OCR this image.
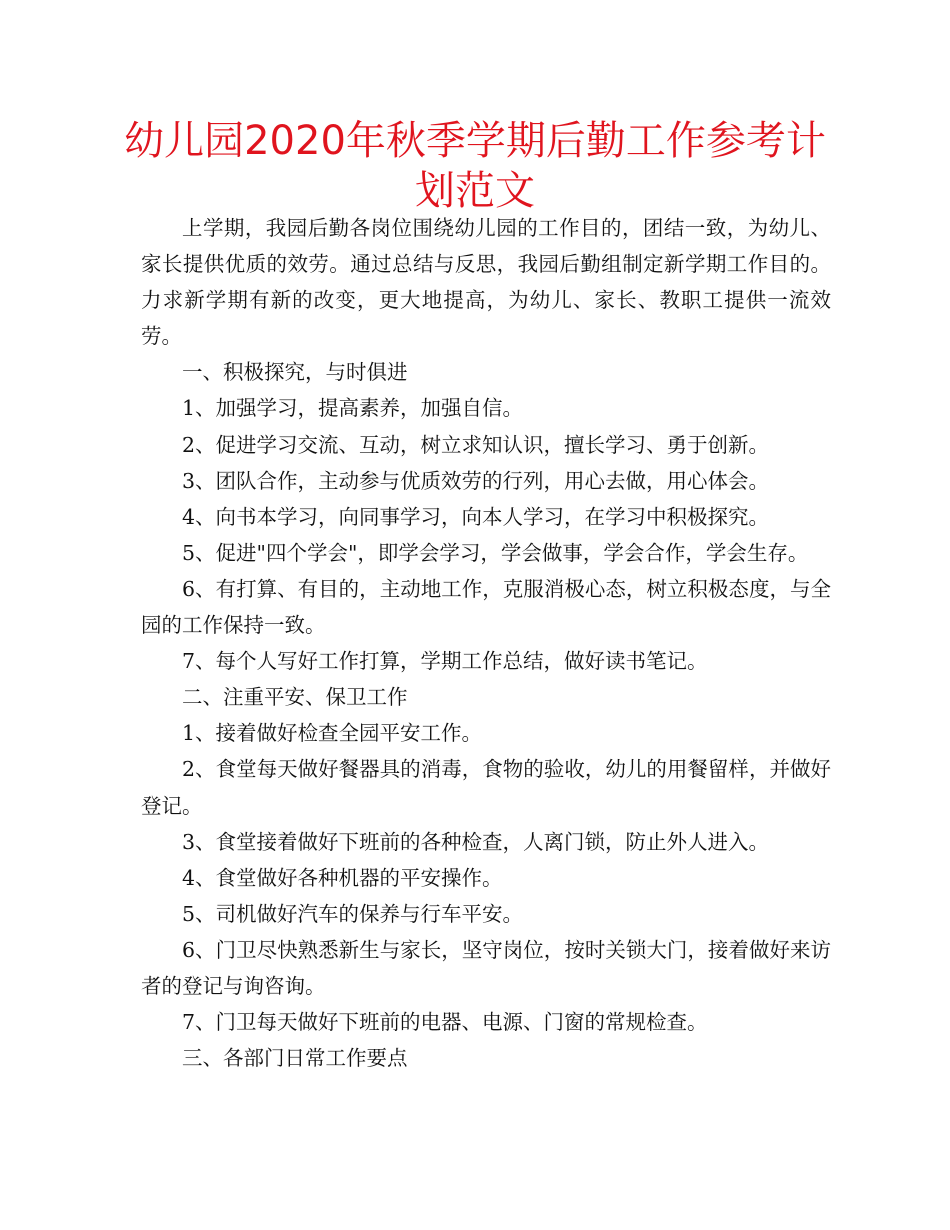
幼儿园2020年秋季学期后勤工作参考计划范文

上学期，我园后勤各岗位围绕幼儿园的工作目的，团结一致，为幼儿、家长提供优质的效劳。通过总结与反思，我园后勤组制定新学期工作目的。力求新学期有新的改变，更大地提高，为幼儿、家长、教职工提供一流效劳。

一、积极探究，与时俱进

1、加强学习，提高素养，加强自信。

2、促进学习交流、互动，树立求知认识，擅长学习、勇于创新。

3、团队合作，主动参与优质效劳的行列，用心去做，用心体会。

4、向书本学习，向同事学习，向本人学习，在学习中积极探究。

5、促进"四个学会"，即学会学习，学会做事，学会合作，学会生存。

6、有打算、有目的，主动地工作，克服消极心态，树立积极态度，与全园的工作保持一致。

7、每个人写好工作打算，学期工作总结，做好读书笔记。

二、注重平安、保卫工作

1、接着做好检查全园平安工作。

2、食堂每天做好餐器具的消毒，食物的验收，幼儿的用餐留样，并做好登记。

3、食堂接着做好下班前的各种检查，人离门锁，防止外人进入。

4、食堂做好各种机器的平安操作。

5、司机做好汽车的保养与行车平安。

6、门卫尽快熟悉新生与家长，坚守岗位，按时关锁大门，接着做好来访者的登记与询咨询。

7、门卫每天做好下班前的电器、电源、门窗的常规检查。

三、各部门日常工作要点
